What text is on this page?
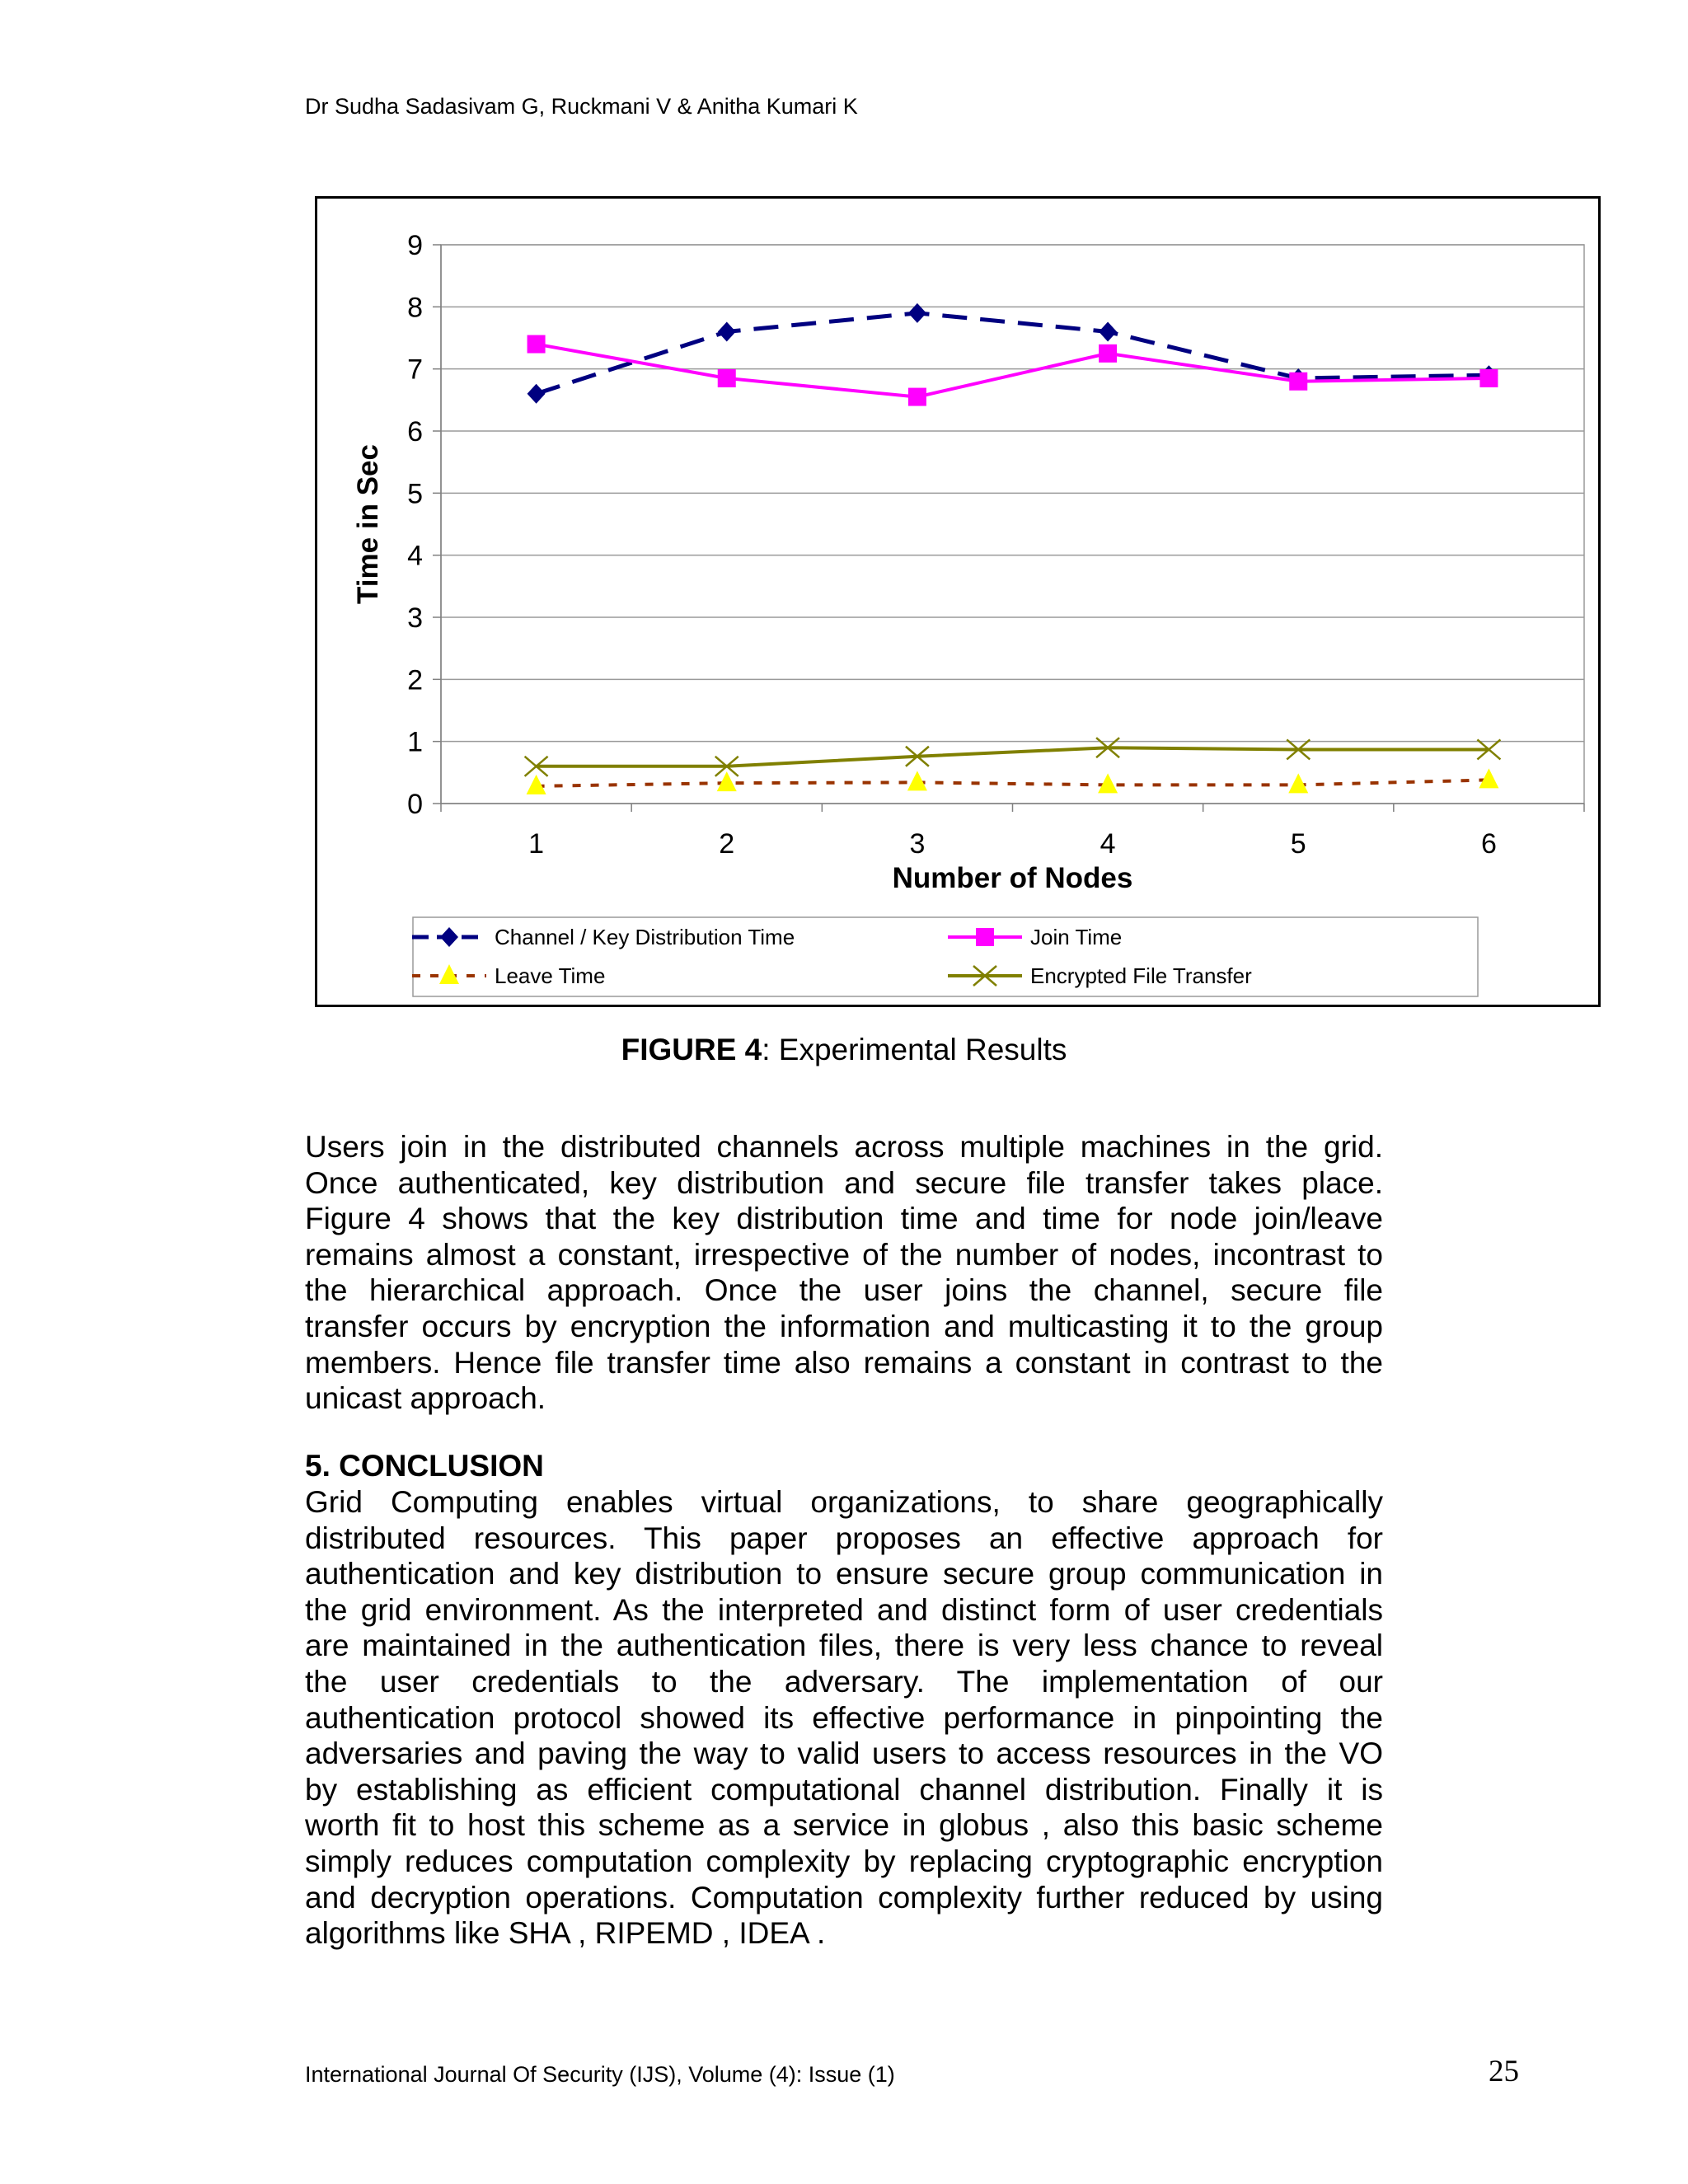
Dr Sudha Sadasivam G, Ruckmani V & Anitha Kumari K
0
1
2
3
4
5
6
7
8
9
1	2	3	4	5	6
Number of Nodes
Time in Sec
Channel / Key Distribution Time	Join Time
Leave Time	Encrypted File Transfer
FIGURE 4: Experimental Results
Users join in the distributed channels across multiple machines in the grid.
Once authenticated, key distribution and secure file transfer takes place.
Figure 4 shows that the key distribution time and time for node join/leave
remains almost a constant, irrespective of the number of nodes, incontrast to
the hierarchical approach. Once the user joins the channel, secure file
transfer occurs by encryption the information and multicasting it to the group
members. Hence file transfer time also remains a constant in contrast to the
unicast approach.
5. CONCLUSION
Grid Computing enables virtual organizations, to share geographically
distributed resources. This paper proposes an effective approach for
authentication and key distribution to ensure secure group communication in
the grid environment. As the interpreted and distinct form of user credentials
are maintained in the authentication files, there is very less chance to reveal
the user credentials to the adversary. The implementation of our
authentication protocol showed its effective performance in pinpointing the
adversaries and paving the way to valid users to access resources in the VO
by establishing as efficient computational channel distribution. Finally it is
worth fit to host this scheme as a service in globus , also this basic scheme
simply reduces computation complexity by replacing cryptographic encryption
and decryption operations. Computation complexity further reduced by using
algorithms like SHA , RIPEMD , IDEA .
International Journal Of Security (IJS), Volume (4): Issue (1)	25
